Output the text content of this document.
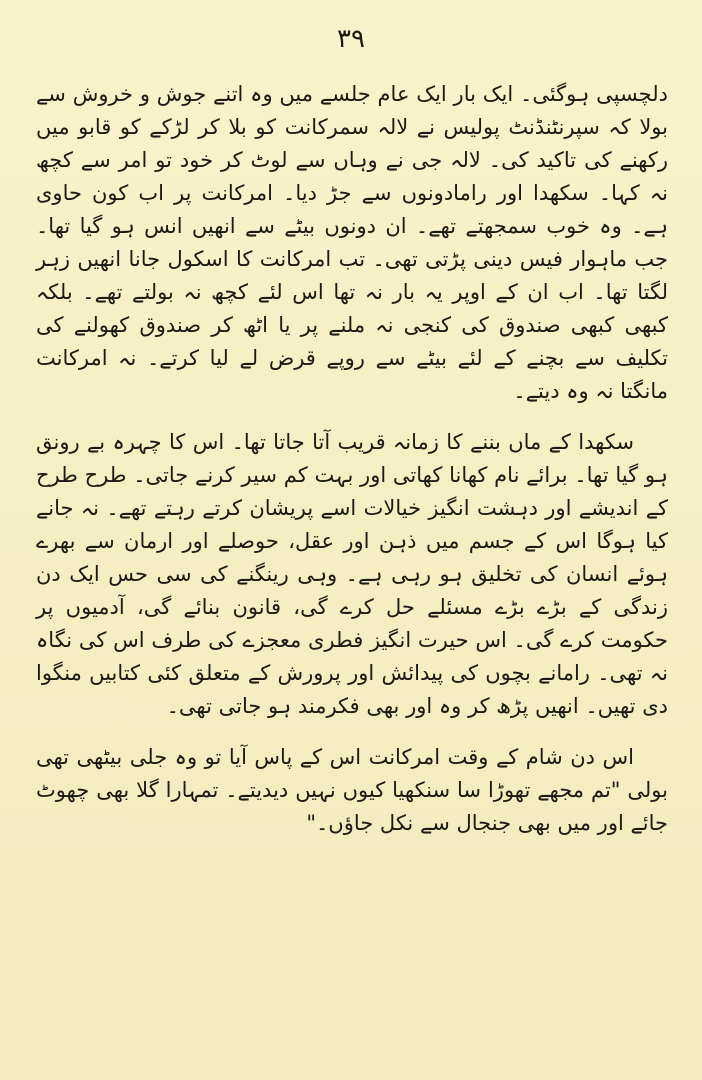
۳۹

دلچسپی ہوگئی۔ ایک بار ایک عام جلسے میں وہ اتنے جوش و خروش سے بولا کہ سپرنٹنڈنٹ پولیس نے لالہ سمرکانت کو بلا کر لڑکے کو قابو میں رکھنے کی تاکید کی۔ لالہ جی نے وہاں سے لوٹ کر خود تو امر سے کچھ نہ کہا۔ سکھدا اور رامادونوں سے جڑ دیا۔ امرکانت پر اب کون حاوی ہے۔ وہ خوب سمجھتے تھے۔ ان دونوں بیٹے سے انھیں انس ہو گیا تھا۔ جب ماہوار فیس دینی پڑتی تھی۔ تب امرکانت کا اسکول جانا انھیں زہر لگتا تھا۔ اب ان کے اوپر یہ بار نہ تھا اس لئے کچھ نہ بولتے تھے۔ بلکہ کبھی کبھی صندوق کی کنجی نہ ملنے پر یا اٹھ کر صندوق کھولنے کی تکلیف سے بچنے کے لئے بیٹے سے روپے قرض لے لیا کرتے۔ نہ امرکانت مانگتا نہ وہ دیتے۔

سکھدا کے ماں بننے کا زمانہ قریب آتا جاتا تھا۔ اس کا چہرہ بے رونق ہو گیا تھا۔ برائے نام کھانا کھاتی اور بہت کم سیر کرنے جاتی۔ طرح طرح کے اندیشے اور دہشت انگیز خیالات اسے پریشان کرتے رہتے تھے۔ نہ جانے کیا ہوگا اس کے جسم میں ذہن اور عقل، حوصلے اور ارمان سے بھرے ہوئے انسان کی تخلیق ہو رہی ہے۔ وہی رینگنے کی سی حس ایک دن زندگی کے بڑے بڑے مسئلے حل کرے گی، قانون بنائے گی، آدمیوں پر حکومت کرے گی۔ اس حیرت انگیز فطری معجزے کی طرف اس کی نگاہ نہ تھی۔ رامانے بچوں کی پیدائش اور پرورش کے متعلق کئی کتابیں منگوا دی تھیں۔ انھیں پڑھ کر وہ اور بھی فکرمند ہو جاتی تھی۔

اس دن شام کے وقت امرکانت اس کے پاس آیا تو وہ جلی بیٹھی تھی بولی "تم مجھے تھوڑا سا سنکھیا کیوں نہیں دیدیتے۔ تمہارا گلا بھی چھوٹ جائے اور میں بھی جنجال سے نکل جاؤں۔"
